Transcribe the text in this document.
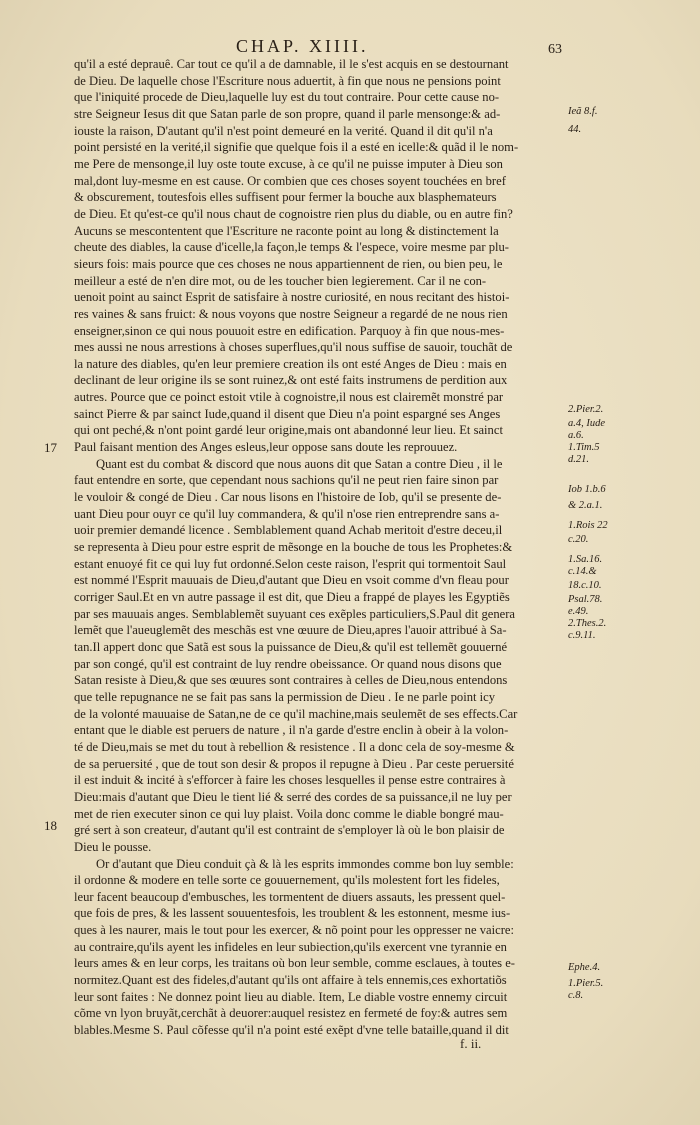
CHAP. XIIII.	63
17
18
qu'il a esté deprauê. Car tout ce qu'il a de damnable, il le s'est acquis en se destournant
de Dieu. De laquelle chose l'Escriture nous aduertit, à fin que nous ne pensions point
que l'iniquité procede de Dieu,laquelle luy est du tout contraire. Pour cette cause no-
stre Seigneur Iesus dit que Satan parle de son propre, quand il parle mensonge:& ad-
iouste la raison, D'autant qu'il n'est point demeuré en la verité. Quand il dit qu'il n'a
point persisté en la verité,il signifie que quelque fois il a esté en icelle:& quãd il le nom-
me Pere de mensonge,il luy oste toute excuse, à ce qu'il ne puisse imputer à Dieu son
mal,dont luy-mesme en est cause. Or combien que ces choses soyent touchées en bref
& obscurement, toutesfois elles suffisent pour fermer la bouche aux blasphemateurs
de Dieu. Et qu'est-ce qu'il nous chaut de cognoistre rien plus du diable, ou en autre fin?
Aucuns se mescontentent que l'Escriture ne raconte point au long & distinctement la
cheute des diables, la cause d'icelle,la façon,le temps & l'espece, voire mesme par plu-
sieurs fois: mais pource que ces choses ne nous appartiennent de rien, ou bien peu, le
meilleur a esté de n'en dire mot, ou de les toucher bien legierement. Car il ne con-
uenoit point au sainct Esprit de satisfaire à nostre curiosité, en nous recitant des histoi-
res vaines & sans fruict: & nous voyons que nostre Seigneur a regardé de ne nous rien
enseigner,sinon ce qui nous pouuoit estre en edification. Parquoy à fin que nous-mes-
mes aussi ne nous arrestions à choses superflues,qu'il nous suffise de sauoir, touchãt de
la nature des diables, qu'en leur premiere creation ils ont esté Anges de Dieu : mais en
declinant de leur origine ils se sont ruinez,& ont esté faits instrumens de perdition aux
autres. Pource que ce poinct estoit vtile à cognoistre,il nous est clairemẽt monstré par
sainct Pierre & par sainct Iude,quand il disent que Dieu n'a point espargné ses Anges
qui ont peché,& n'ont point gardé leur origine,mais ont abandonné leur lieu. Et sainct
Paul faisant mention des Anges esleus,leur oppose sans doute les reprouuez.
Quant est du combat & discord que nous auons dit que Satan a contre Dieu , il le
faut entendre en sorte, que cependant nous sachions qu'il ne peut rien faire sinon par
le vouloir & congé de Dieu . Car nous lisons en l'histoire de Iob, qu'il se presente de-
uant Dieu pour ouyr ce qu'il luy commandera, & qu'il n'ose rien entreprendre sans a-
uoir premier demandé licence . Semblablement quand Achab meritoit d'estre deceu,il
se representa à Dieu pour estre esprit de mẽsonge en la bouche de tous les Prophetes:&
estant enuoyé fit ce qui luy fut ordonné.Selon ceste raison, l'esprit qui tormentoit Saul
est nommé l'Esprit mauuais de Dieu,d'autant que Dieu en vsoit comme d'vn fleau pour
corriger Saul.Et en vn autre passage il est dit, que Dieu a frappé de playes les Egyptiẽs
par ses mauuais anges. Semblablemẽt suyuant ces exẽples particuliers,S.Paul dit genera
lemẽt que l'aueuglemẽt des meschãs est vne œuure de Dieu,apres l'auoir attribué à Sa-
tan.Il appert donc que Satã est sous la puissance de Dieu,& qu'il est tellemẽt gouuerné
par son congé, qu'il est contraint de luy rendre obeissance. Or quand nous disons que
Satan resiste à Dieu,& que ses œuures sont contraires à celles de Dieu,nous entendons
que telle repugnance ne se fait pas sans la permission de Dieu . Ie ne parle point icy
de la volonté mauuaise de Satan,ne de ce qu'il machine,mais seulemẽt de ses effects.Car
entant que le diable est peruers de nature , il n'a garde d'estre enclin à obeir à la volon-
té de Dieu,mais se met du tout à rebellion & resistence . Il a donc cela de soy-mesme &
de sa peruersité , que de tout son desir & propos il repugne à Dieu . Par ceste peruersité
il est induit & incité à s'efforcer à faire les choses lesquelles il pense estre contraires à
Dieu:mais d'autant que Dieu le tient lié & serré des cordes de sa puissance,il ne luy per
met de rien executer sinon ce qui luy plaist. Voila donc comme le diable bongré mau-
gré sert à son createur, d'autant qu'il est contraint de s'employer là où le bon plaisir de
Dieu le pousse.
Or d'autant que Dieu conduit çà & là les esprits immondes comme bon luy semble:
il ordonne & modere en telle sorte ce gouuernement, qu'ils molestent fort les fideles,
leur facent beaucoup d'embusches, les tormentent de diuers assauts, les pressent quel-
que fois de pres, & les lassent souuentesfois, les troublent & les estonnent, mesme ius-
ques à les naurer, mais le tout pour les exercer, & nõ point pour les oppresser ne vaicre:
au contraire,qu'ils ayent les infideles en leur subiection,qu'ils exercent vne tyrannie en
leurs ames & en leur corps, les traitans où bon leur semble, comme esclaues, à toutes e-
normitez.Quant est des fideles,d'autant qu'ils ont affaire à tels ennemis,ces exhortatiõs
leur sont faites : Ne donnez point lieu au diable. Item, Le diable vostre ennemy circuit
cõme vn lyon bruyãt,cerchãt à deuorer:auquel resistez en fermeté de foy:& autres sem
blables.Mesme S. Paul cõfesse qu'il n'a point esté exẽpt d'vne telle bataille,quand il dit
Ieã 8.f.
44.
2.Pier.2.
a.4, Iude
a.6.
1.Tim.5
d.21.
Iob 1.b.6
& 2.a.1.
1.Rois 22
c.20.
1.Sa.16.
c.14.&
18.c.10.
Psal.78.
e.49.
2.Thes.2.
c.9.11.
Ephe.4.
1.Pier.5.
c.8.
f. ii.
